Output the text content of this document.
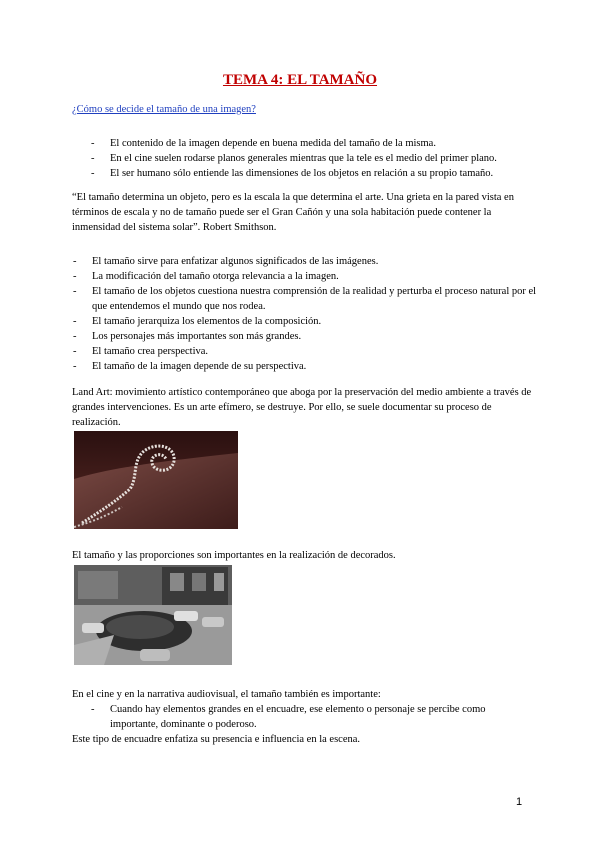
TEMA 4: EL TAMAÑO
¿Cómo se decide el tamaño de una imagen?
- El contenido de la imagen depende en buena medida del tamaño de la misma.
- En el cine suelen rodarse planos generales mientras que la tele es el medio del primer plano.
- El ser humano sólo entiende las dimensiones de los objetos en relación a su propio tamaño.
“El tamaño determina un objeto, pero es la escala la que determina el arte. Una grieta en la pared vista en términos de escala y no de tamaño puede ser el Gran Cañón y una sola habitación puede contener la inmensidad del sistema solar”. Robert Smithson.
- El tamaño sirve para enfatizar algunos significados de las imágenes.
- La modificación del tamaño otorga relevancia a la imagen.
- El tamaño de los objetos cuestiona nuestra comprensión de la realidad y perturba el proceso natural por el que entendemos el mundo que nos rodea.
- El tamaño jerarquiza los elementos de la composición.
- Los personajes más importantes son más grandes.
- El tamaño crea perspectiva.
- El tamaño de la imagen depende de su perspectiva.
Land Art: movimiento artístico contemporáneo que aboga por la preservación del medio ambiente a través de grandes intervenciones. Es un arte efímero, se destruye. Por ello, se suele documentar su proceso de realización.
El tamaño y las proporciones son importantes en la realización de decorados.
En el cine y en la narrativa audiovisual, el tamaño también es importante:
- Cuando hay elementos grandes en el encuadre, ese elemento o personaje se percibe como importante, dominante o poderoso.
Este tipo de encuadre enfatiza su presencia e influencia en la escena.
1
